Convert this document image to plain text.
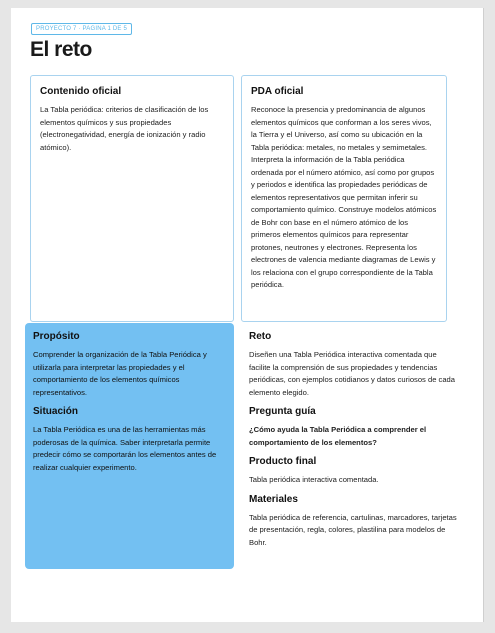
PROYECTO 7 · PAGINA 1 DE 5
El reto
Contenido oficial

La Tabla periódica: criterios de clasificación de los elementos químicos y sus propiedades (electronegatividad, energía de ionización y radio atómico).

PDA oficial

Reconoce la presencia y predominancia de algunos elementos químicos que conforman a los seres vivos, la Tierra y el Universo, así como su ubicación en la Tabla periódica: metales, no metales y semimetales. Interpreta la información de la Tabla periódica ordenada por el número atómico, así como por grupos y periodos e identifica las propiedades periódicas de elementos representativos que permitan inferir su comportamiento químico. Construye modelos atómicos de Bohr con base en el número atómico de los primeros elementos químicos para representar protones, neutrones y electrones. Representa los electrones de valencia mediante diagramas de Lewis y los relaciona con el grupo correspondiente de la Tabla periódica.

Propósito

Comprender la organización de la Tabla Periódica y utilizarla para interpretar las propiedades y el comportamiento de los elementos químicos representativos.

Situación

La Tabla Periódica es una de las herramientas más poderosas de la química. Saber interpretarla permite predecir cómo se comportarán los elementos antes de realizar cualquier experimento.

Reto

Diseñen una Tabla Periódica interactiva comentada que facilite la comprensión de sus propiedades y tendencias periódicas, con ejemplos cotidianos y datos curiosos de cada elemento elegido.

Pregunta guía

¿Cómo ayuda la Tabla Periódica a comprender el comportamiento de los elementos?

Producto final

Tabla periódica interactiva comentada.

Materiales

Tabla periódica de referencia, cartulinas, marcadores, tarjetas de presentación, regla, colores, plastilina para modelos de Bohr.
